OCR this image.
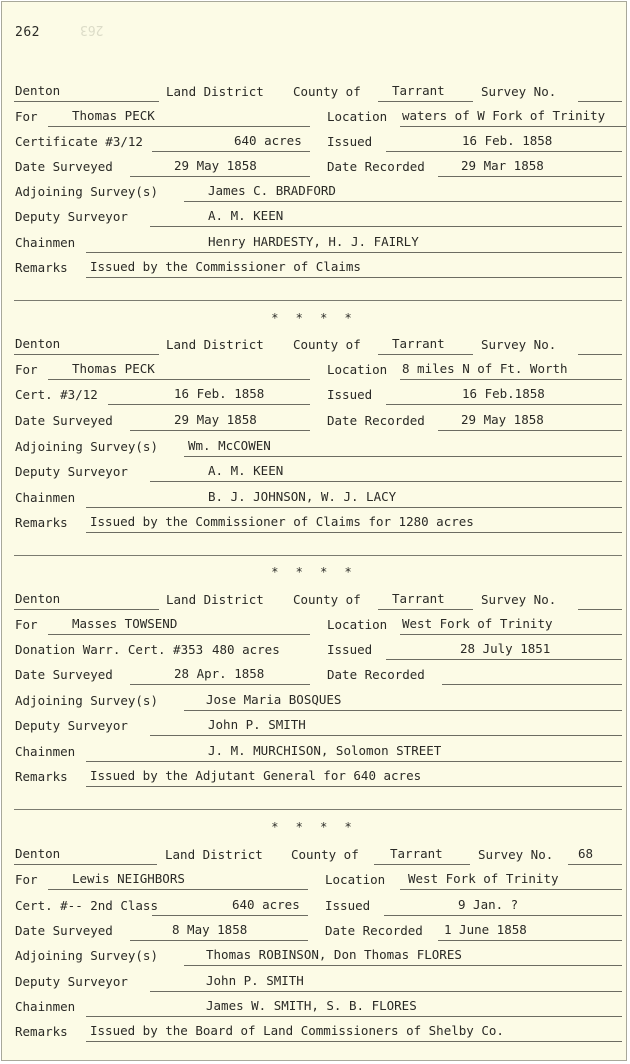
262	263
Denton	Land District County of	Tarrant	Survey No.
For	Thomas PECK	Location waters of W Fork of Trinity
Certificate #3/12	640 acres Issued	16 Feb. 1858
Date Surveyed	29 May 1858	Date Recorded	29 Mar 1858
Adjoining Survey(s)	James C. BRADFORD
Deputy Surveyor	A. M. KEEN
Chainmen	Henry HARDESTY, H. J. FAIRLY
Remarks Issued by the Commissioner of Claims
* * * *
Denton	Land District County of	Tarrant	Survey No.
For	Thomas PECK	Location 8 miles N of Ft. Worth
Cert. #3/12	16 Feb. 1858	Issued	16 Feb.1858
Date Surveyed	29 May 1858	Date Recorded	29 May 1858
Adjoining Survey(s) Wm. McCOWEN
Deputy Surveyor	A. M. KEEN
Chainmen	B. J. JOHNSON, W. J. LACY
Remarks Issued by the Commissioner of Claims for 1280 acres
* * * *
Denton	Land District County of	Tarrant	Survey No.
For	Masses TOWSEND	Location West Fork of Trinity
Donation Warr. Cert. #353 480 acres	Issued	28 July 1851
Date Surveyed	28 Apr. 1858	Date Recorded
Adjoining Survey(s)	Jose Maria BOSQUES
Deputy Surveyor	John P. SMITH
Chainmen	J. M. MURCHISON, Solomon STREET
Remarks Issued by the Adjutant General for 640 acres
* * * *
Denton	Land District County of	Tarrant	Survey No. 68
For	Lewis NEIGHBORS	Location West Fork of Trinity
Cert. #-- 2nd Class	640 acres Issued	9 Jan. ?
Date Surveyed	8 May 1858	Date Recorded 1 June 1858
Adjoining Survey(s)	Thomas ROBINSON, Don Thomas FLORES
Deputy Surveyor	John P. SMITH
Chainmen	James W. SMITH, S. B. FLORES
Remarks Issued by the Board of Land Commissioners of Shelby Co.
